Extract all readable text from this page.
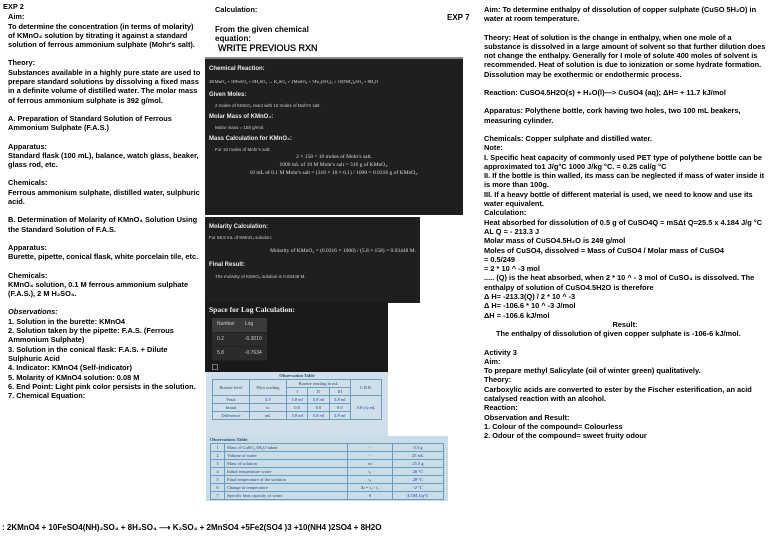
EXP 2
Aim:
To determine the concentration (in terms of molarity) of KMnO₄ solution by titrating it against a standard solution of ferrous ammonium sulphate (Mohr's salt).
Theory:
Substances available in a highly pure state are used to prepare standard solutions by dissolving a fixed mass in a definite volume of distilled water. The molar mass of ferrous ammonium sulphate is 392 g/mol.
A. Preparation of Standard Solution of Ferrous Ammonium Sulphate (F.A.S.)
Apparatus:
Standard flask (100 mL), balance, watch glass, beaker, glass rod, etc.
Chemicals:
Ferrous ammonium sulphate, distilled water, sulphuric acid.
B. Determination of Molarity of KMnO₄ Solution Using the Standard Solution of F.A.S.
Apparatus:
Burette, pipette, conical flask, white porcelain tile, etc.
Chemicals:
KMnO₄ solution, 0.1 M ferrous ammonium sulphate (F.A.S.), 2 M H₂SO₄.
Observations:
1. Solution in the burette: KMnO4
2. Solution taken by the pipette: F.A.S. (Ferrous Ammonium Sulphate)
3. Solution in the conical flask: F.A.S. + Dilute Sulphuric Acid
4. Indicator: KMnO4 (Self-indicator)
5. Molarity of KMnO4 solution: 0.08 M
6. End Point: Light pink color persists in the solution.
7. Chemical Equation:
: 2KMnO4 + 10FeSO4(NH)₂SO₄ + 8H₂SO₄ ⟶ K₂SO₄ + 2MnSO4 +5Fe2(SO4 )3 +10(NH4 )2SO4 + 8H2O
Calculation:
EXP 7
From the given chemical equation:
WRITE PREVIOUS RXN
Chemical Reaction:
2KMnO₄ + 10FeSO₄ + 8H₂SO₄ → K₂SO₄ + 2MnSO₄ + 5Fe₂(SO₄)₃ + 10(NH₄)₂SO₄ + 8H₂O
Given Moles:
2 moles of KMnO₄ react with 10 moles of Mohr's salt.
Molar Mass of KMnO₄:
Molar mass = 158 g/mol.
Mass Calculation for KMnO₄:
For 10 moles of Mohr's salt:
2 × 158 = 10 moles of Mohr's salt.
1000 mL of 10 M Mohr's salt = 316 g of KMnO₄.
10 mL of 0.1 M Mohr's salt = (316 × 10 × 0.1) / 1000 = 0.0316 g of KMnO₄.
Molarity Calculation:
For 58.8 mL of KMnO₄ solution:
Molarity of KMnO₄ = (0.0316 × 1000) / (5.8 × 158) = 0.03448 M.
Final Result:
The molarity of KMnO₄ solution is 0.03448 M.
Space for Log Calculation:
Number	Log
0.2	-0.3010
5.8	-0.7634
Observation Table
Burette level	Pilot reading	Burette reading in mL			C.B.R.
		I	II	III	
Final	5.5	5.8 ml	5.8 ml	5.8 ml	5.8 (x) mL
Initial	to	0.0	0.0	0.0	
Difference	mL	5.8 ml	5.8 ml	5.8 ml	
Observations Table:
1	Mass of CuSO₄.5H₂O taken	-	0.5 g
2	Volume of water	-	25 mL
3	Mass of solution	m	25.5 g
4	Initial temperature water	t₁	26 °C
5	Final temperature of the solution	t₂	28 °C
6	Change in temperature	Δt = t₂ - t₁	-2 °C
7	Specific heat capacity of water	S	4.184 J/g°C
Aim: To determine enthalpy of dissolution of copper sulphate (CuSO 5H₂O) in water at room temperature.
Theory: Heat of solution is the change in enthalpy, when one mole of a substance is dissolved in a large amount of solvent so that further dilution does not change the enthalpy. Generally for I mole of solute 400 moles of solvent is recommended. Heat of solution is due to ionization or some hydrate formation. Dissolution may be exothermic or endothermic process.
Reaction: CuSO4.5H2O(s) + H₂O(l)—> CuSO4 (aq); ΔH= + 11.7 kJ/mol
Apparatus: Polythene bottle, cork having two holes, two 100 mL beakers, measuring cylinder.
Chemicals: Copper sulphate and distilled water.
Note:
I. Specific heat capacity of commonly used PET type of polythene bottle can be approximated to1 J/g°C 1000 J/kg °C. = 0.25 cal/g °C
II. If the bottle is thin walled, its mass can be neglected if mass of water inside it is more than 100g.
III. If a heavy bottle of different material is used, we need to know and use its water equivalent.
Calculation:
Heat absorbed for dissolution of 0.5 g of CuSO4Q = mSΔt Q=25.5 x 4.184 J/g °C AL Q = - 213.3 J
Molar mass of CuSO4.5H₂O is 249 g/mol
Moles of CuSO4, dissolved = Mass of CuSO4 / Molar mass of CuSO4
= 0.5/249
= 2 * 10 ^ -3 mol
..... (Q) is the heat absorbed, when 2 * 10 ^ - 3 mol of CuSO₄ is dissolved. The enthalpy of solution of CuSO4.5H2O is therefore
Δ H= -213.3(Q) / 2 * 10 ^ -3
Δ H= -106.6 * 10 ^ -3 J/mol
ΔH = -106.6 kJ/mol
Result:
The enthalpy of dissolution of given copper sulphate is -106-6 kJ/mol.
Activity 3
Aim:
To prepare methyl Salicylate (oil of winter green) qualitatively.
Theory:
Carboxylic acids are converted to ester by the Fischer esterification, an acid catalysed reaction with an alcohol.
Reaction:
Observation and Result:
1. Colour of the compound= Colourless
2. Odour of the compound= sweet fruity odour
